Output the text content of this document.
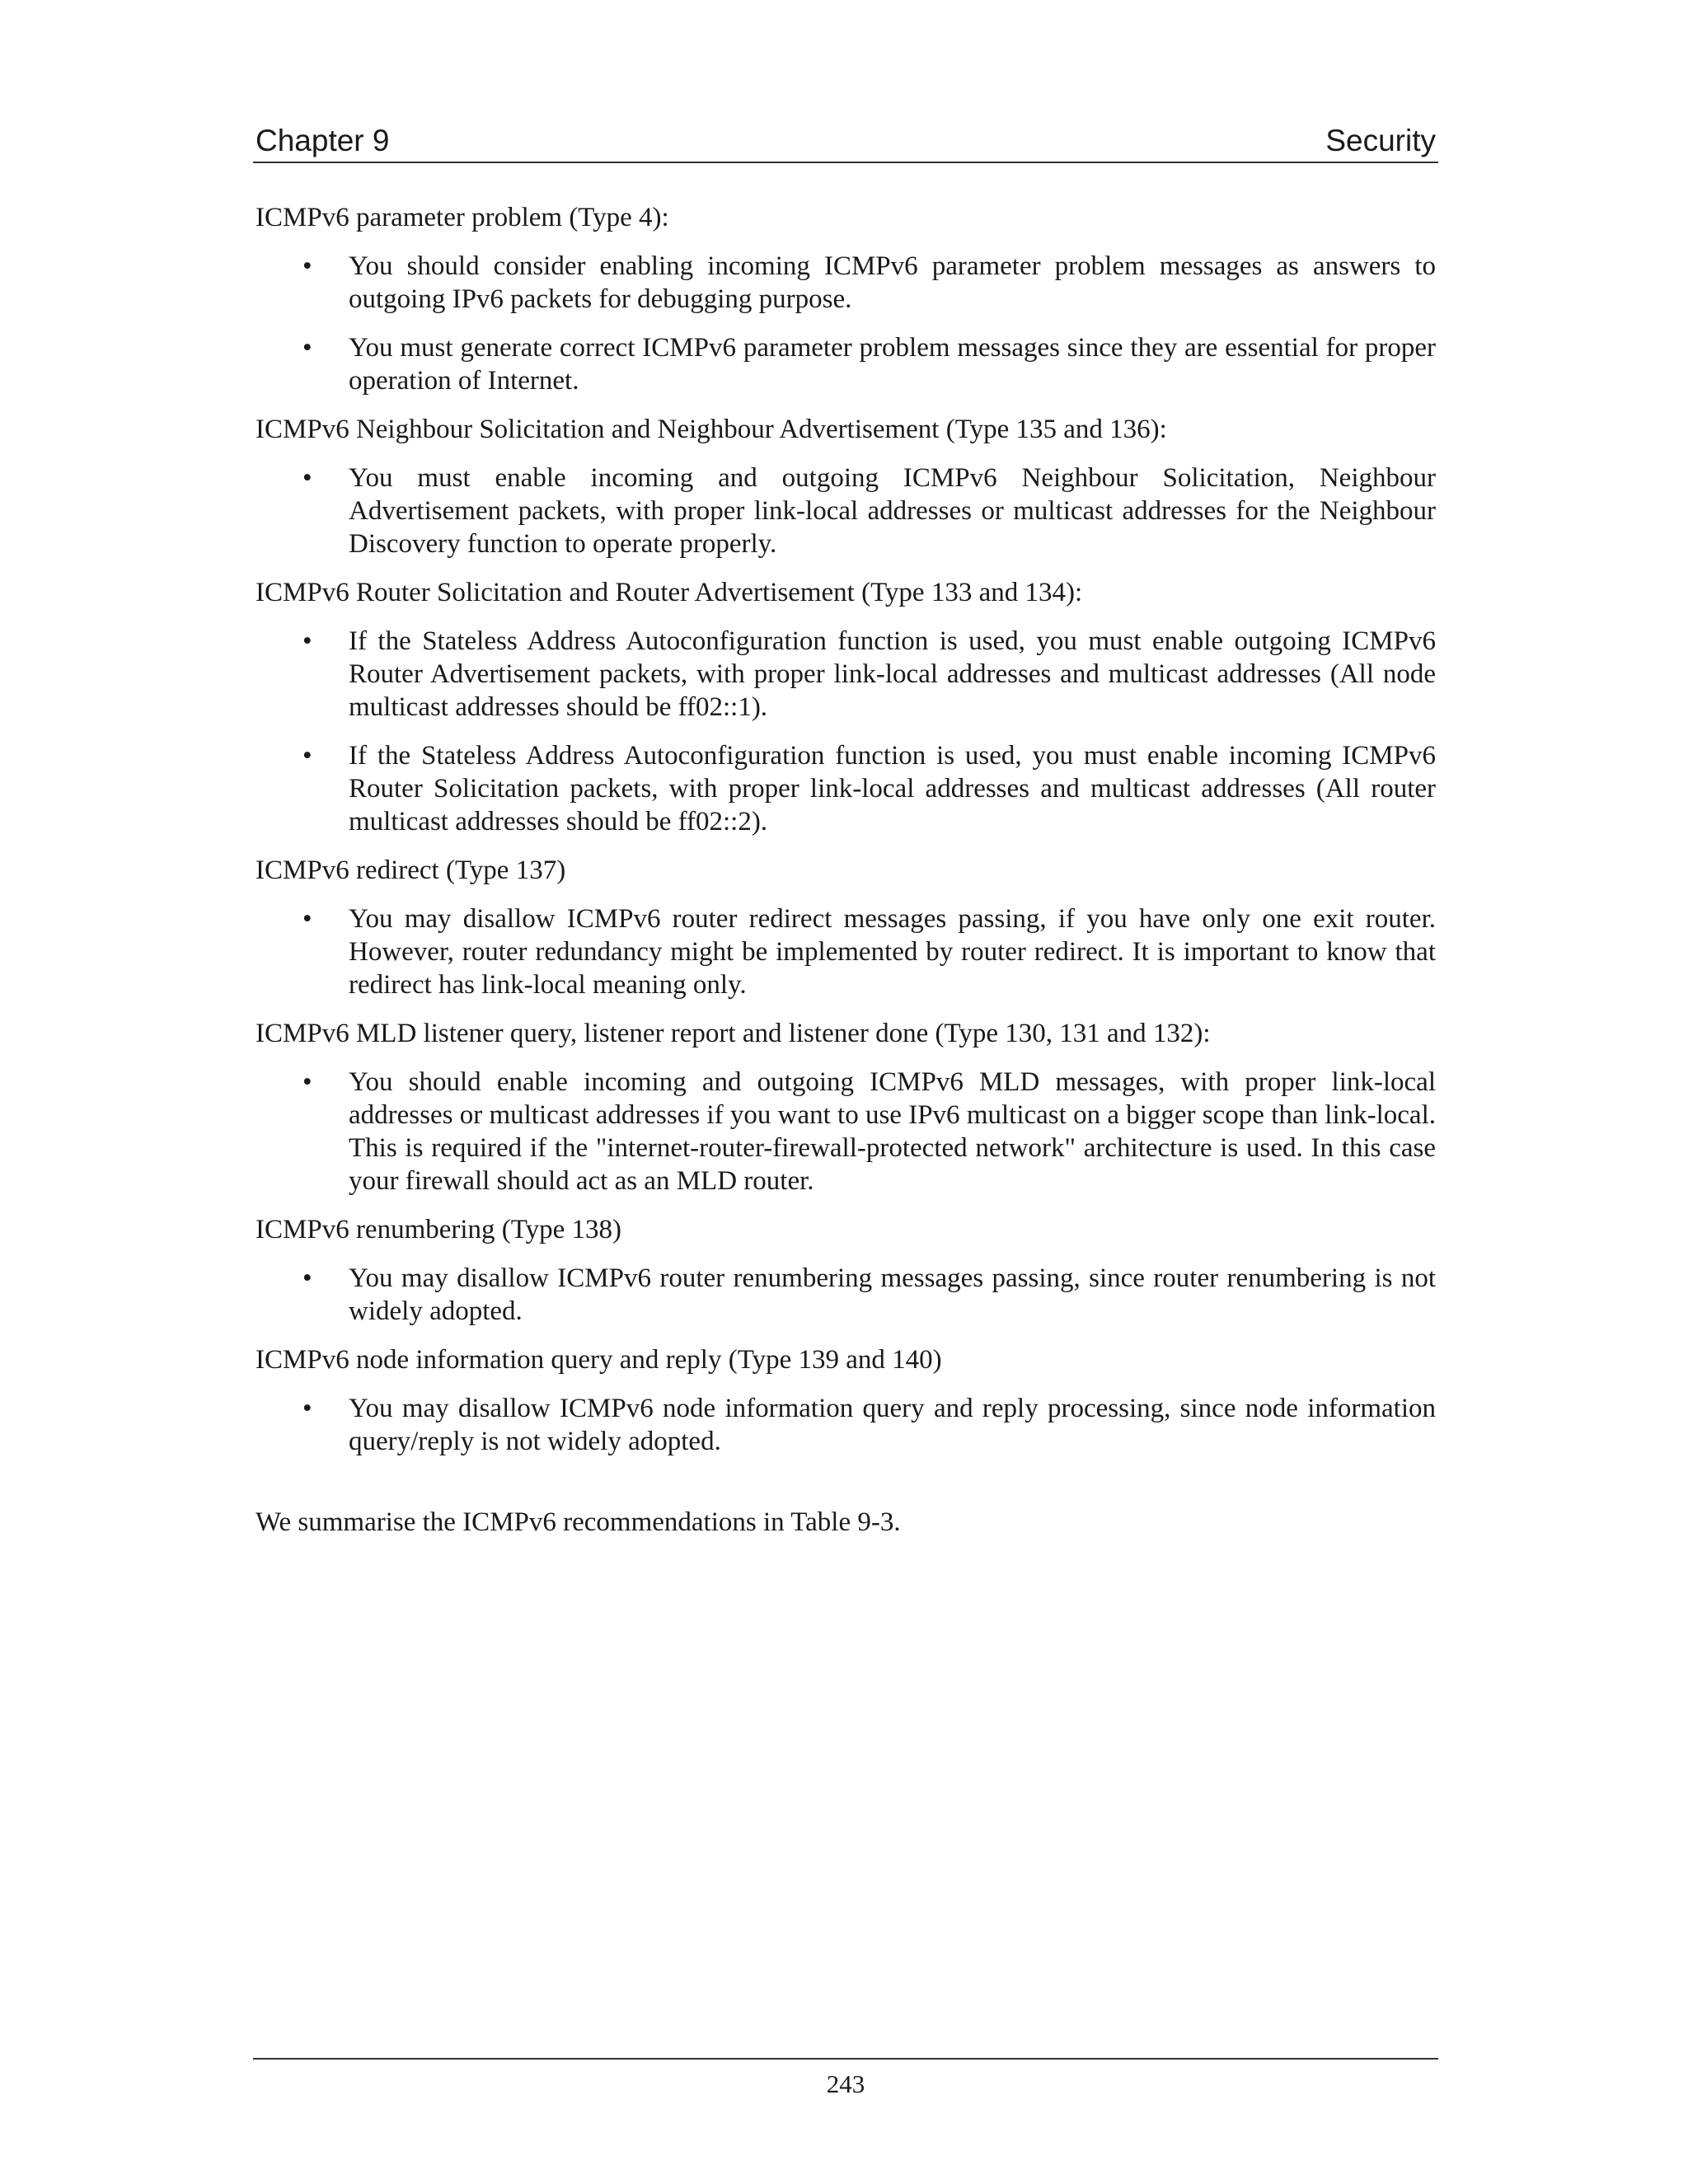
Chapter 9	Security

ICMPv6 parameter problem (Type 4):

• You should consider enabling incoming ICMPv6 parameter problem messages as answers to outgoing IPv6 packets for debugging purpose.
• You must generate correct ICMPv6 parameter problem messages since they are essential for proper operation of Internet.

ICMPv6 Neighbour Solicitation and Neighbour Advertisement (Type 135 and 136):

• You must enable incoming and outgoing ICMPv6 Neighbour Solicitation, Neighbour Advertisement packets, with proper link-local addresses or multicast addresses for the Neighbour Discovery function to operate properly.

ICMPv6 Router Solicitation and Router Advertisement (Type 133 and 134):

• If the Stateless Address Autoconfiguration function is used, you must enable outgoing ICMPv6 Router Advertisement packets, with proper link-local addresses and multicast addresses (All node multicast addresses should be ff02::1).
• If the Stateless Address Autoconfiguration function is used, you must enable incoming ICMPv6 Router Solicitation packets, with proper link-local addresses and multicast addresses (All router multicast addresses should be ff02::2).

ICMPv6 redirect (Type 137)

• You may disallow ICMPv6 router redirect messages passing, if you have only one exit router. However, router redundancy might be implemented by router redirect. It is important to know that redirect has link-local meaning only.

ICMPv6 MLD listener query, listener report and listener done (Type 130, 131 and 132):

• You should enable incoming and outgoing ICMPv6 MLD messages, with proper link-local addresses or multicast addresses if you want to use IPv6 multicast on a bigger scope than link-local. This is required if the "internet-router-firewall-protected network" architecture is used. In this case your firewall should act as an MLD router.

ICMPv6 renumbering (Type 138)

• You may disallow ICMPv6 router renumbering messages passing, since router renumbering is not widely adopted.

ICMPv6 node information query and reply (Type 139 and 140)

• You may disallow ICMPv6 node information query and reply processing, since node information query/reply is not widely adopted.

We summarise the ICMPv6 recommendations in Table 9-3.

243
